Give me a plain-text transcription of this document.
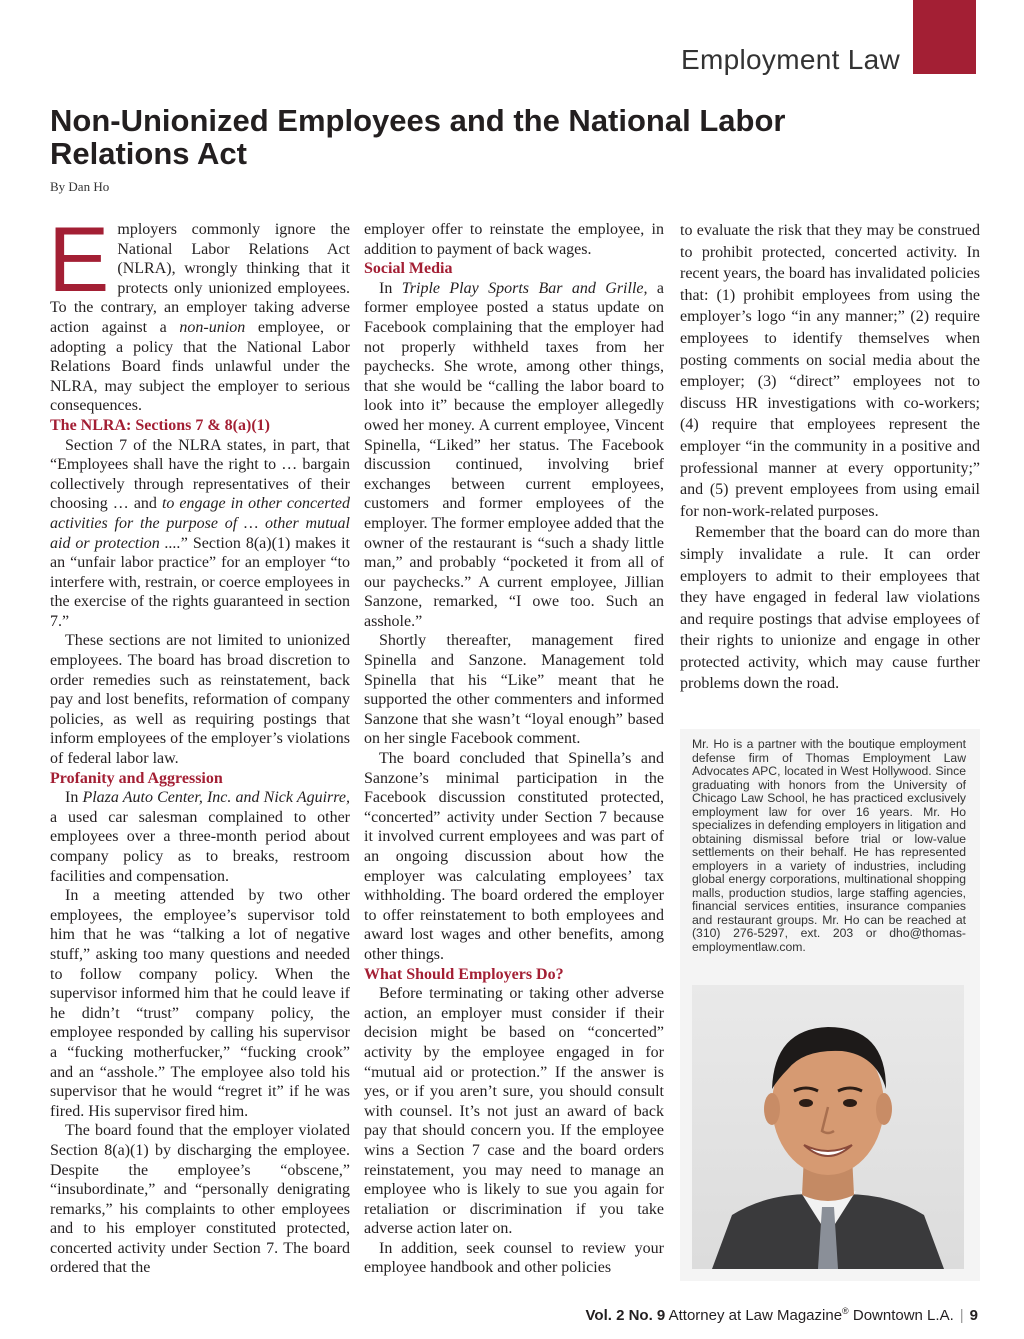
Employment Law
Non-Unionized Employees and the National Labor Relations Act
By Dan Ho

Employers commonly ignore the National Labor Relations Act (NLRA), wrongly thinking that it protects only unionized employees. To the contrary, an employer taking adverse action against a non-union employee, or adopting a policy that the National Labor Relations Board finds unlawful under the NLRA, may subject the employer to serious consequences.

The NLRA: Sections 7 & 8(a)(1)

Section 7 of the NLRA states, in part, that “Employees shall have the right to … bargain collectively through representatives of their choosing … and to engage in other concerted activities for the purpose of … other mutual aid or protection ....” Section 8(a)(1) makes it an “unfair labor practice” for an employer “to interfere with, restrain, or coerce employees in the exercise of the rights guaranteed in section 7.”

These sections are not limited to unionized employees. The board has broad discretion to order remedies such as reinstatement, back pay and lost benefits, reformation of company policies, as well as requiring postings that inform employees of the employer’s violations of federal labor law.

Profanity and Aggression

In Plaza Auto Center, Inc. and Nick Aguirre, a used car salesman complained to other employees over a three-month period about company policy as to breaks, restroom facilities and compensation.

In a meeting attended by two other employees, the employee’s supervisor told him that he was “talking a lot of negative stuff,” asking too many questions and needed to follow company policy. When the supervisor informed him that he could leave if he didn’t “trust” company policy, the employee responded by calling his supervisor a “fucking motherfucker,” “fucking crook” and an “asshole.” The employee also told his supervisor that he would “regret it” if he was fired. His supervisor fired him.

The board found that the employer violated Section 8(a)(1) by discharging the employee. Despite the employee’s “obscene,” “insubordinate,” and “personally denigrating remarks,” his complaints to other employees and to his employer constituted protected, concerted activity under Section 7. The board ordered that the

employer offer to reinstate the employee, in addition to payment of back wages.

Social Media

In Triple Play Sports Bar and Grille, a former employee posted a status update on Facebook complaining that the employer had not properly withheld taxes from her paychecks. She wrote, among other things, that she would be “calling the labor board to look into it” because the employer allegedly owed her money. A current employee, Vincent Spinella, “Liked” her status. The Facebook discussion continued, involving brief exchanges between current employees, customers and former employees of the employer. The former employee added that the owner of the restaurant is “such a shady little man,” and probably “pocketed it from all of our paychecks.” A current employee, Jillian Sanzone, remarked, “I owe too. Such an asshole.”

Shortly thereafter, management fired Spinella and Sanzone. Management told Spinella that his “Like” meant that he supported the other commenters and informed Sanzone that she wasn’t “loyal enough” based on her single Facebook comment.

The board concluded that Spinella’s and Sanzone’s minimal participation in the Facebook discussion constituted protected, “concerted” activity under Section 7 because it involved current employees and was part of an ongoing discussion about how the employer was calculating employees’ tax withholding. The board ordered the employer to offer reinstatement to both employees and award lost wages and other benefits, among other things.

What Should Employers Do?

Before terminating or taking other adverse action, an employer must consider if their decision might be based on “concerted” activity by the employee engaged in for “mutual aid or protection.” If the answer is yes, or if you aren’t sure, you should consult with counsel. It’s not just an award of back pay that should concern you. If the employee wins a Section 7 case and the board orders reinstatement, you may need to manage an employee who is likely to sue you again for retaliation or discrimination if you take adverse action later on.

In addition, seek counsel to review your employee handbook and other policies

to evaluate the risk that they may be construed to prohibit protected, concerted activity. In recent years, the board has invalidated policies that: (1) prohibit employees from using the employer’s logo “in any manner;” (2) require employees to identify themselves when posting comments on social media about the employer; (3) “direct” employees not to discuss HR investigations with co-workers; (4) require that employees represent the employer “in the community in a positive and professional manner at every opportunity;” and (5) prevent employees from using email for non-work-related purposes.

Remember that the board can do more than simply invalidate a rule. It can order employers to admit to their employees that they have engaged in federal law violations and require postings that advise employees of their rights to unionize and engage in other protected activity, which may cause further problems down the road.

Mr. Ho is a partner with the boutique employment defense firm of Thomas Employment Law Advocates APC, located in West Hollywood. Since graduating with honors from the University of Chicago Law School, he has practiced exclusively employment law for over 16 years. Mr. Ho specializes in defending employers in litigation and obtaining dismissal before trial or low-value settlements on their behalf. He has represented employers in a variety of industries, including global energy corporations, multinational shopping malls, production studios, large staffing agencies, financial services entities, insurance companies and restaurant groups. Mr. Ho can be reached at (310) 276-5297, ext. 203 or dho@thomas-employmentlaw.com.
Vol. 2 No. 9 Attorney at Law Magazine® Downtown L.A. | 9
